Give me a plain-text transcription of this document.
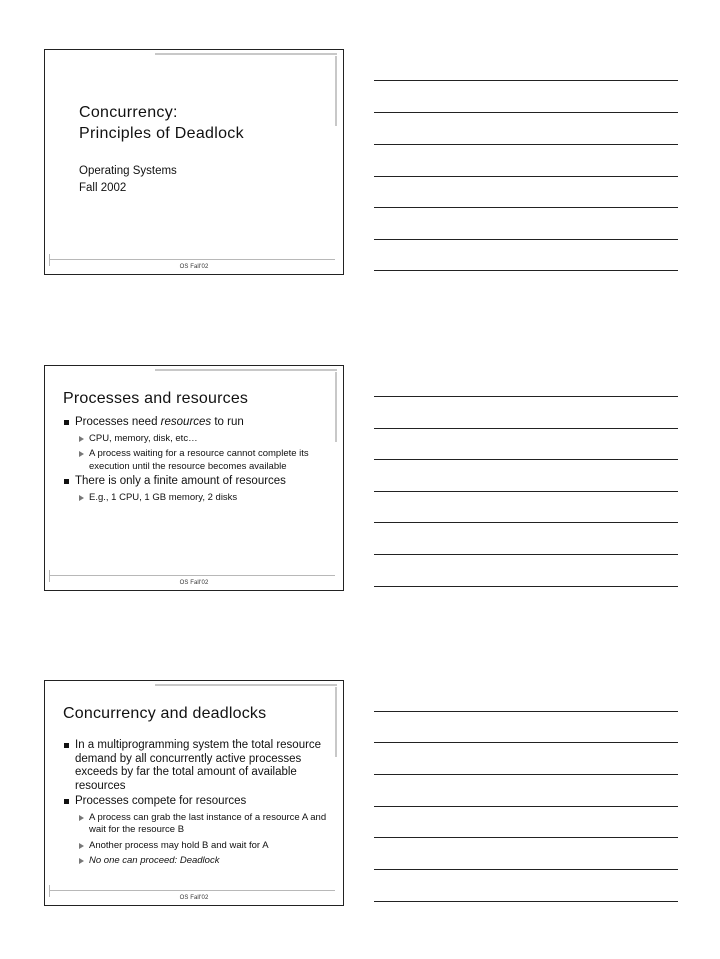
Concurrency:
Principles of Deadlock
Operating Systems
Fall 2002
OS Fall'02
Processes and resources
Processes need resources to run
CPU, memory, disk, etc…
A process waiting for a resource cannot complete its execution until the resource becomes available
There is only a finite amount of resources
E.g., 1 CPU, 1 GB memory, 2 disks
OS Fall'02
Concurrency and deadlocks
In a multiprogramming system the total resource demand by all concurrently active processes exceeds by far the total amount of available resources
Processes compete for resources
A process can grab the last instance of a resource A and wait for the resource B
Another process may hold B and wait for A
No one can proceed: Deadlock
OS Fall'02
